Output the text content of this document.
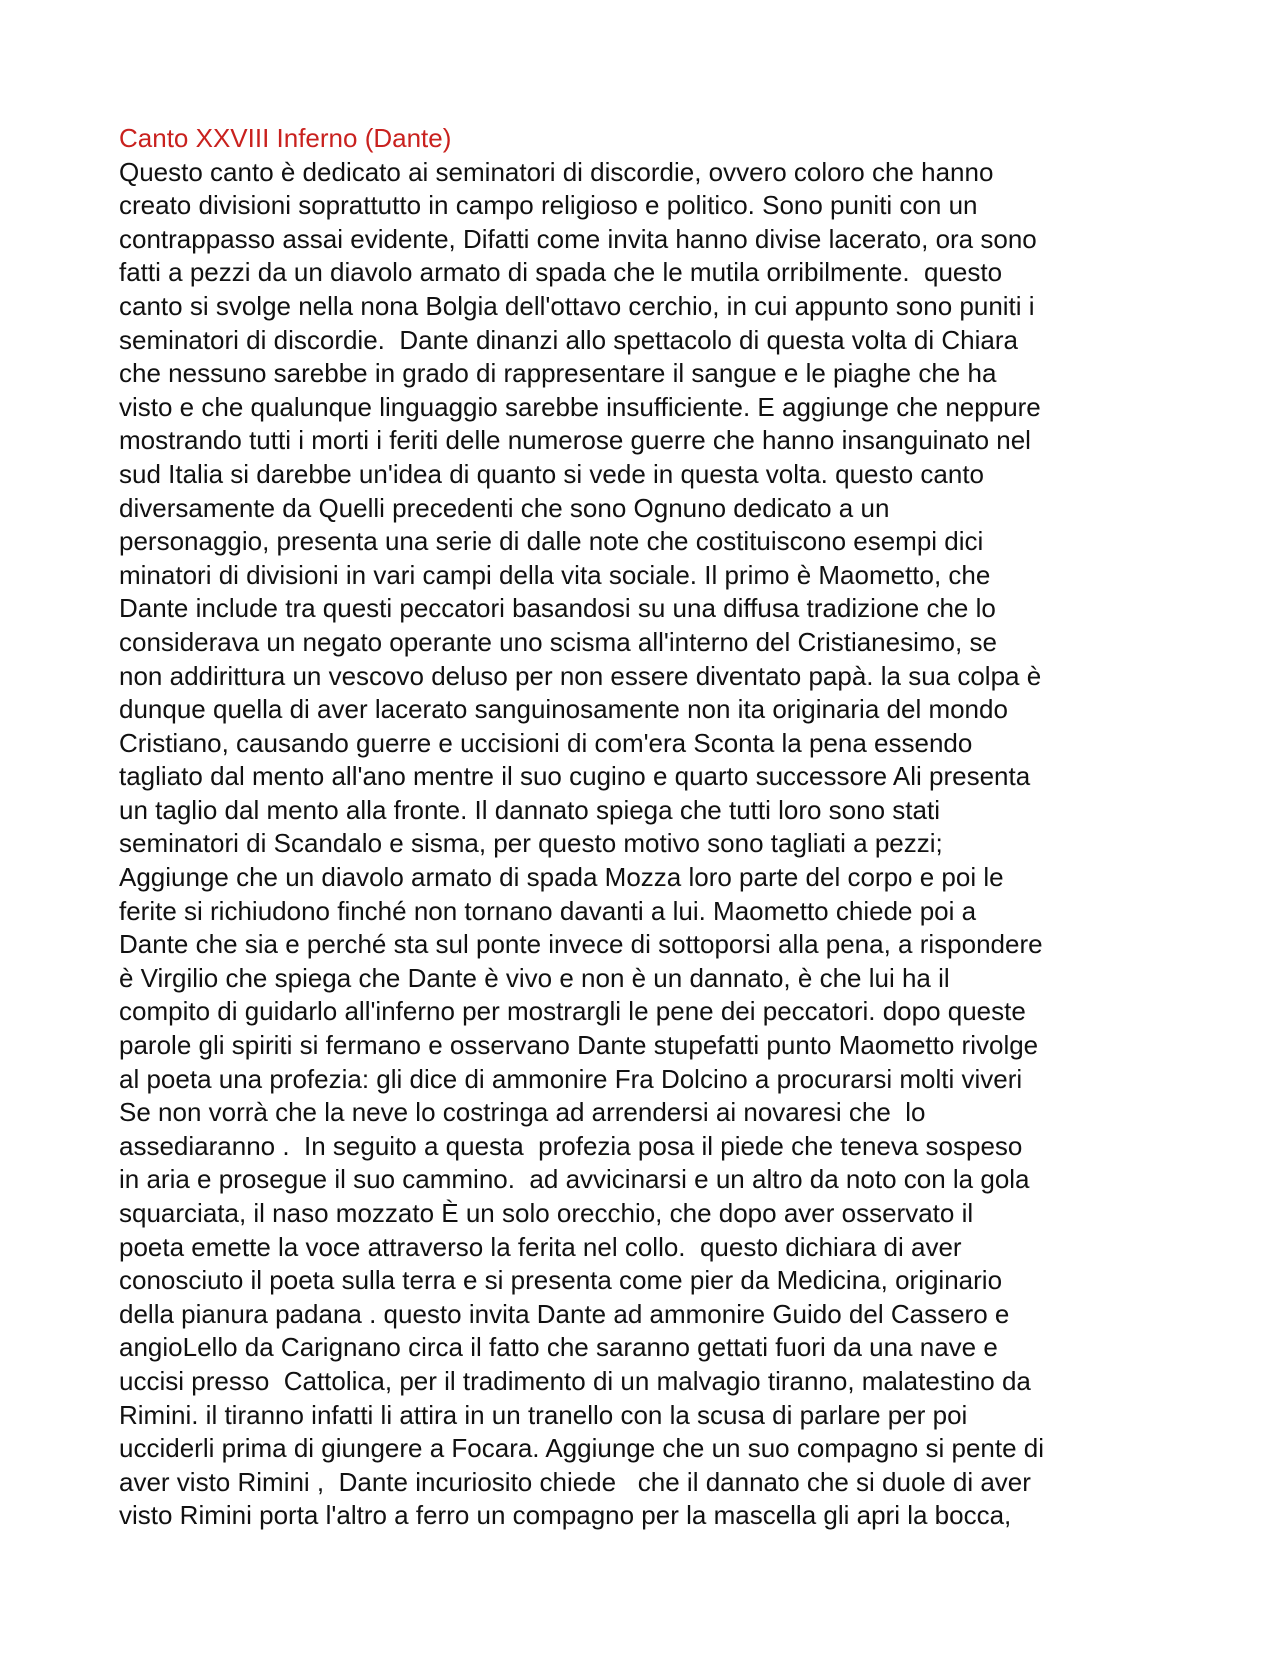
Canto XXVIII Inferno (Dante)

Questo canto è dedicato ai seminatori di discordie, ovvero coloro che hanno

creato divisioni soprattutto in campo religioso e politico. Sono puniti con un

contrappasso assai evidente, Difatti come invita hanno divise lacerato, ora sono

fatti a pezzi da un diavolo armato di spada che le mutila orribilmente.  questo

canto si svolge nella nona Bolgia dell'ottavo cerchio, in cui appunto sono puniti i

seminatori di discordie.  Dante dinanzi allo spettacolo di questa volta di Chiara

che nessuno sarebbe in grado di rappresentare il sangue e le piaghe che ha

visto e che qualunque linguaggio sarebbe insufficiente. E aggiunge che neppure

mostrando tutti i morti i feriti delle numerose guerre che hanno insanguinato nel

sud Italia si darebbe un'idea di quanto si vede in questa volta. questo canto

diversamente da Quelli precedenti che sono Ognuno dedicato a un

personaggio, presenta una serie di dalle note che costituiscono esempi dici

minatori di divisioni in vari campi della vita sociale. Il primo è Maometto, che

Dante include tra questi peccatori basandosi su una diffusa tradizione che lo

considerava un negato operante uno scisma all'interno del Cristianesimo, se

non addirittura un vescovo deluso per non essere diventato papà. la sua colpa è

dunque quella di aver lacerato sanguinosamente non ita originaria del mondo

Cristiano, causando guerre e uccisioni di com'era Sconta la pena essendo

tagliato dal mento all'ano mentre il suo cugino e quarto successore Ali presenta

un taglio dal mento alla fronte. Il dannato spiega che tutti loro sono stati

seminatori di Scandalo e sisma, per questo motivo sono tagliati a pezzi;

Aggiunge che un diavolo armato di spada Mozza loro parte del corpo e poi le

ferite si richiudono finché non tornano davanti a lui. Maometto chiede poi a

Dante che sia e perché sta sul ponte invece di sottoporsi alla pena, a rispondere

è Virgilio che spiega che Dante è vivo e non è un dannato, è che lui ha il

compito di guidarlo all'inferno per mostrargli le pene dei peccatori. dopo queste

parole gli spiriti si fermano e osservano Dante stupefatti punto Maometto rivolge

al poeta una profezia: gli dice di ammonire Fra Dolcino a procurarsi molti viveri

Se non vorrà che la neve lo costringa ad arrendersi ai novaresi che  lo

assediaranno .  In seguito a questa  profezia posa il piede che teneva sospeso

in aria e prosegue il suo cammino.  ad avvicinarsi e un altro da noto con la gola

squarciata, il naso mozzato È un solo orecchio, che dopo aver osservato il

poeta emette la voce attraverso la ferita nel collo.  questo dichiara di aver

conosciuto il poeta sulla terra e si presenta come pier da Medicina, originario

della pianura padana . questo invita Dante ad ammonire Guido del Cassero e

angioLello da Carignano circa il fatto che saranno gettati fuori da una nave e

uccisi presso  Cattolica, per il tradimento di un malvagio tiranno, malatestino da

Rimini. il tiranno infatti li attira in un tranello con la scusa di parlare per poi

ucciderli prima di giungere a Focara. Aggiunge che un suo compagno si pente di

aver visto Rimini ,  Dante incuriosito chiede   che il dannato che si duole di aver

visto Rimini porta l'altro a ferro un compagno per la mascella gli apri la bocca,
